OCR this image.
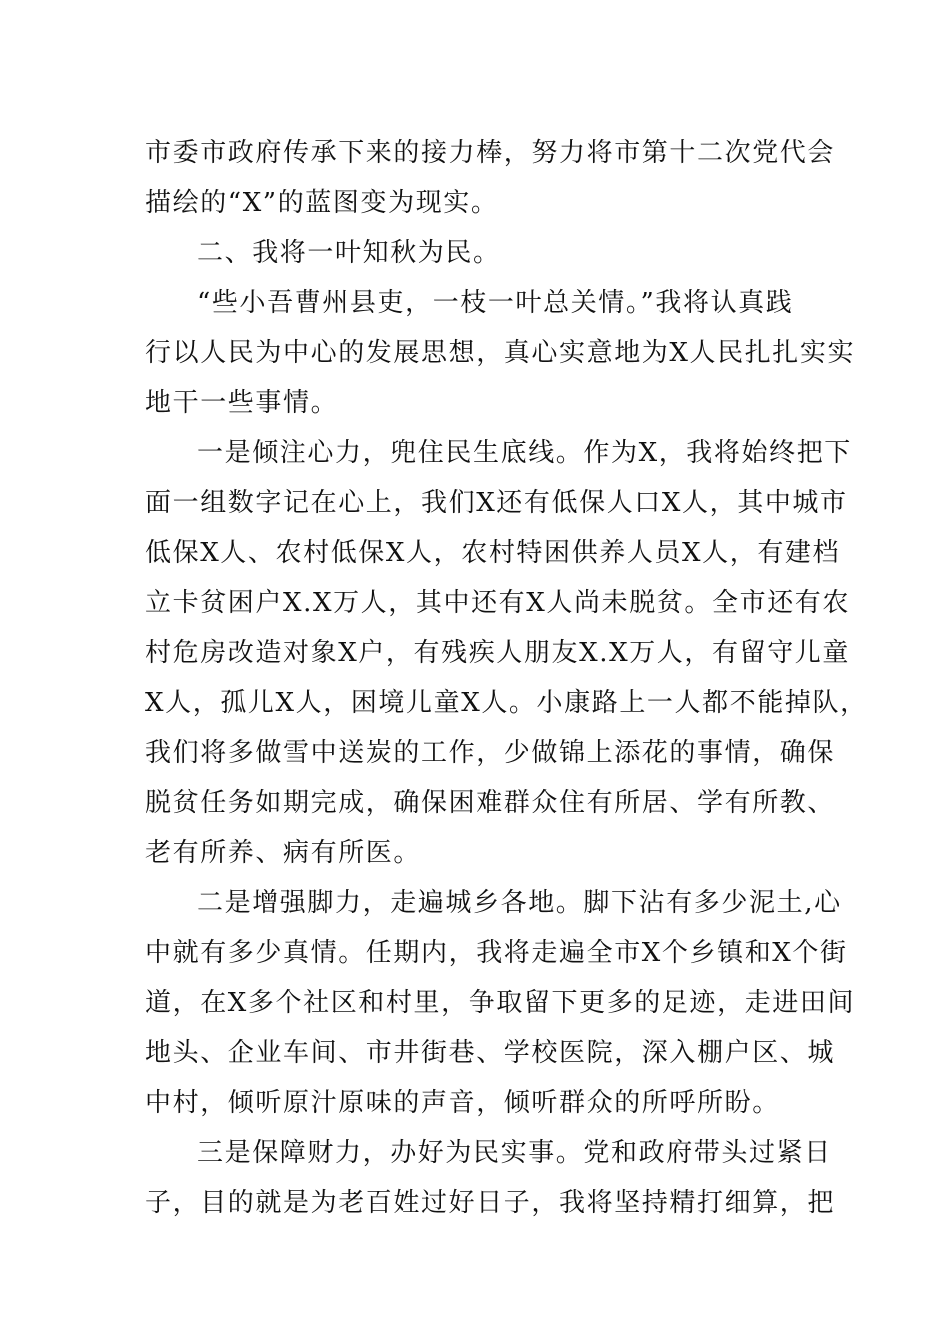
市委市政府传承下来的接力棒，努力将市第十二次党代会
描绘的“X”的蓝图变为现实。
二、我将一叶知秋为民。
“些小吾曹州县吏，一枝一叶总关情。”我将认真践
行以人民为中心的发展思想，真心实意地为X人民扎扎实实
地干一些事情。
一是倾注心力，兜住民生底线。作为X，我将始终把下
面一组数字记在心上，我们X还有低保人口X人，其中城市
低保X人、农村低保X人，农村特困供养人员X人，有建档
立卡贫困户X.X万人，其中还有X人尚未脱贫。全市还有农
村危房改造对象X户，有残疾人朋友X.X万人，有留守儿童
X人，孤儿X人，困境儿童X人。小康路上一人都不能掉队，
我们将多做雪中送炭的工作，少做锦上添花的事情，确保
脱贫任务如期完成，确保困难群众住有所居、学有所教、
老有所养、病有所医。
二是增强脚力，走遍城乡各地。脚下沾有多少泥土,心
中就有多少真情。任期内，我将走遍全市X个乡镇和X个街
道，在X多个社区和村里，争取留下更多的足迹，走进田间
地头、企业车间、市井街巷、学校医院，深入棚户区、城
中村，倾听原汁原味的声音，倾听群众的所呼所盼。
三是保障财力，办好为民实事。党和政府带头过紧日
子，目的就是为老百姓过好日子，我将坚持精打细算，把
